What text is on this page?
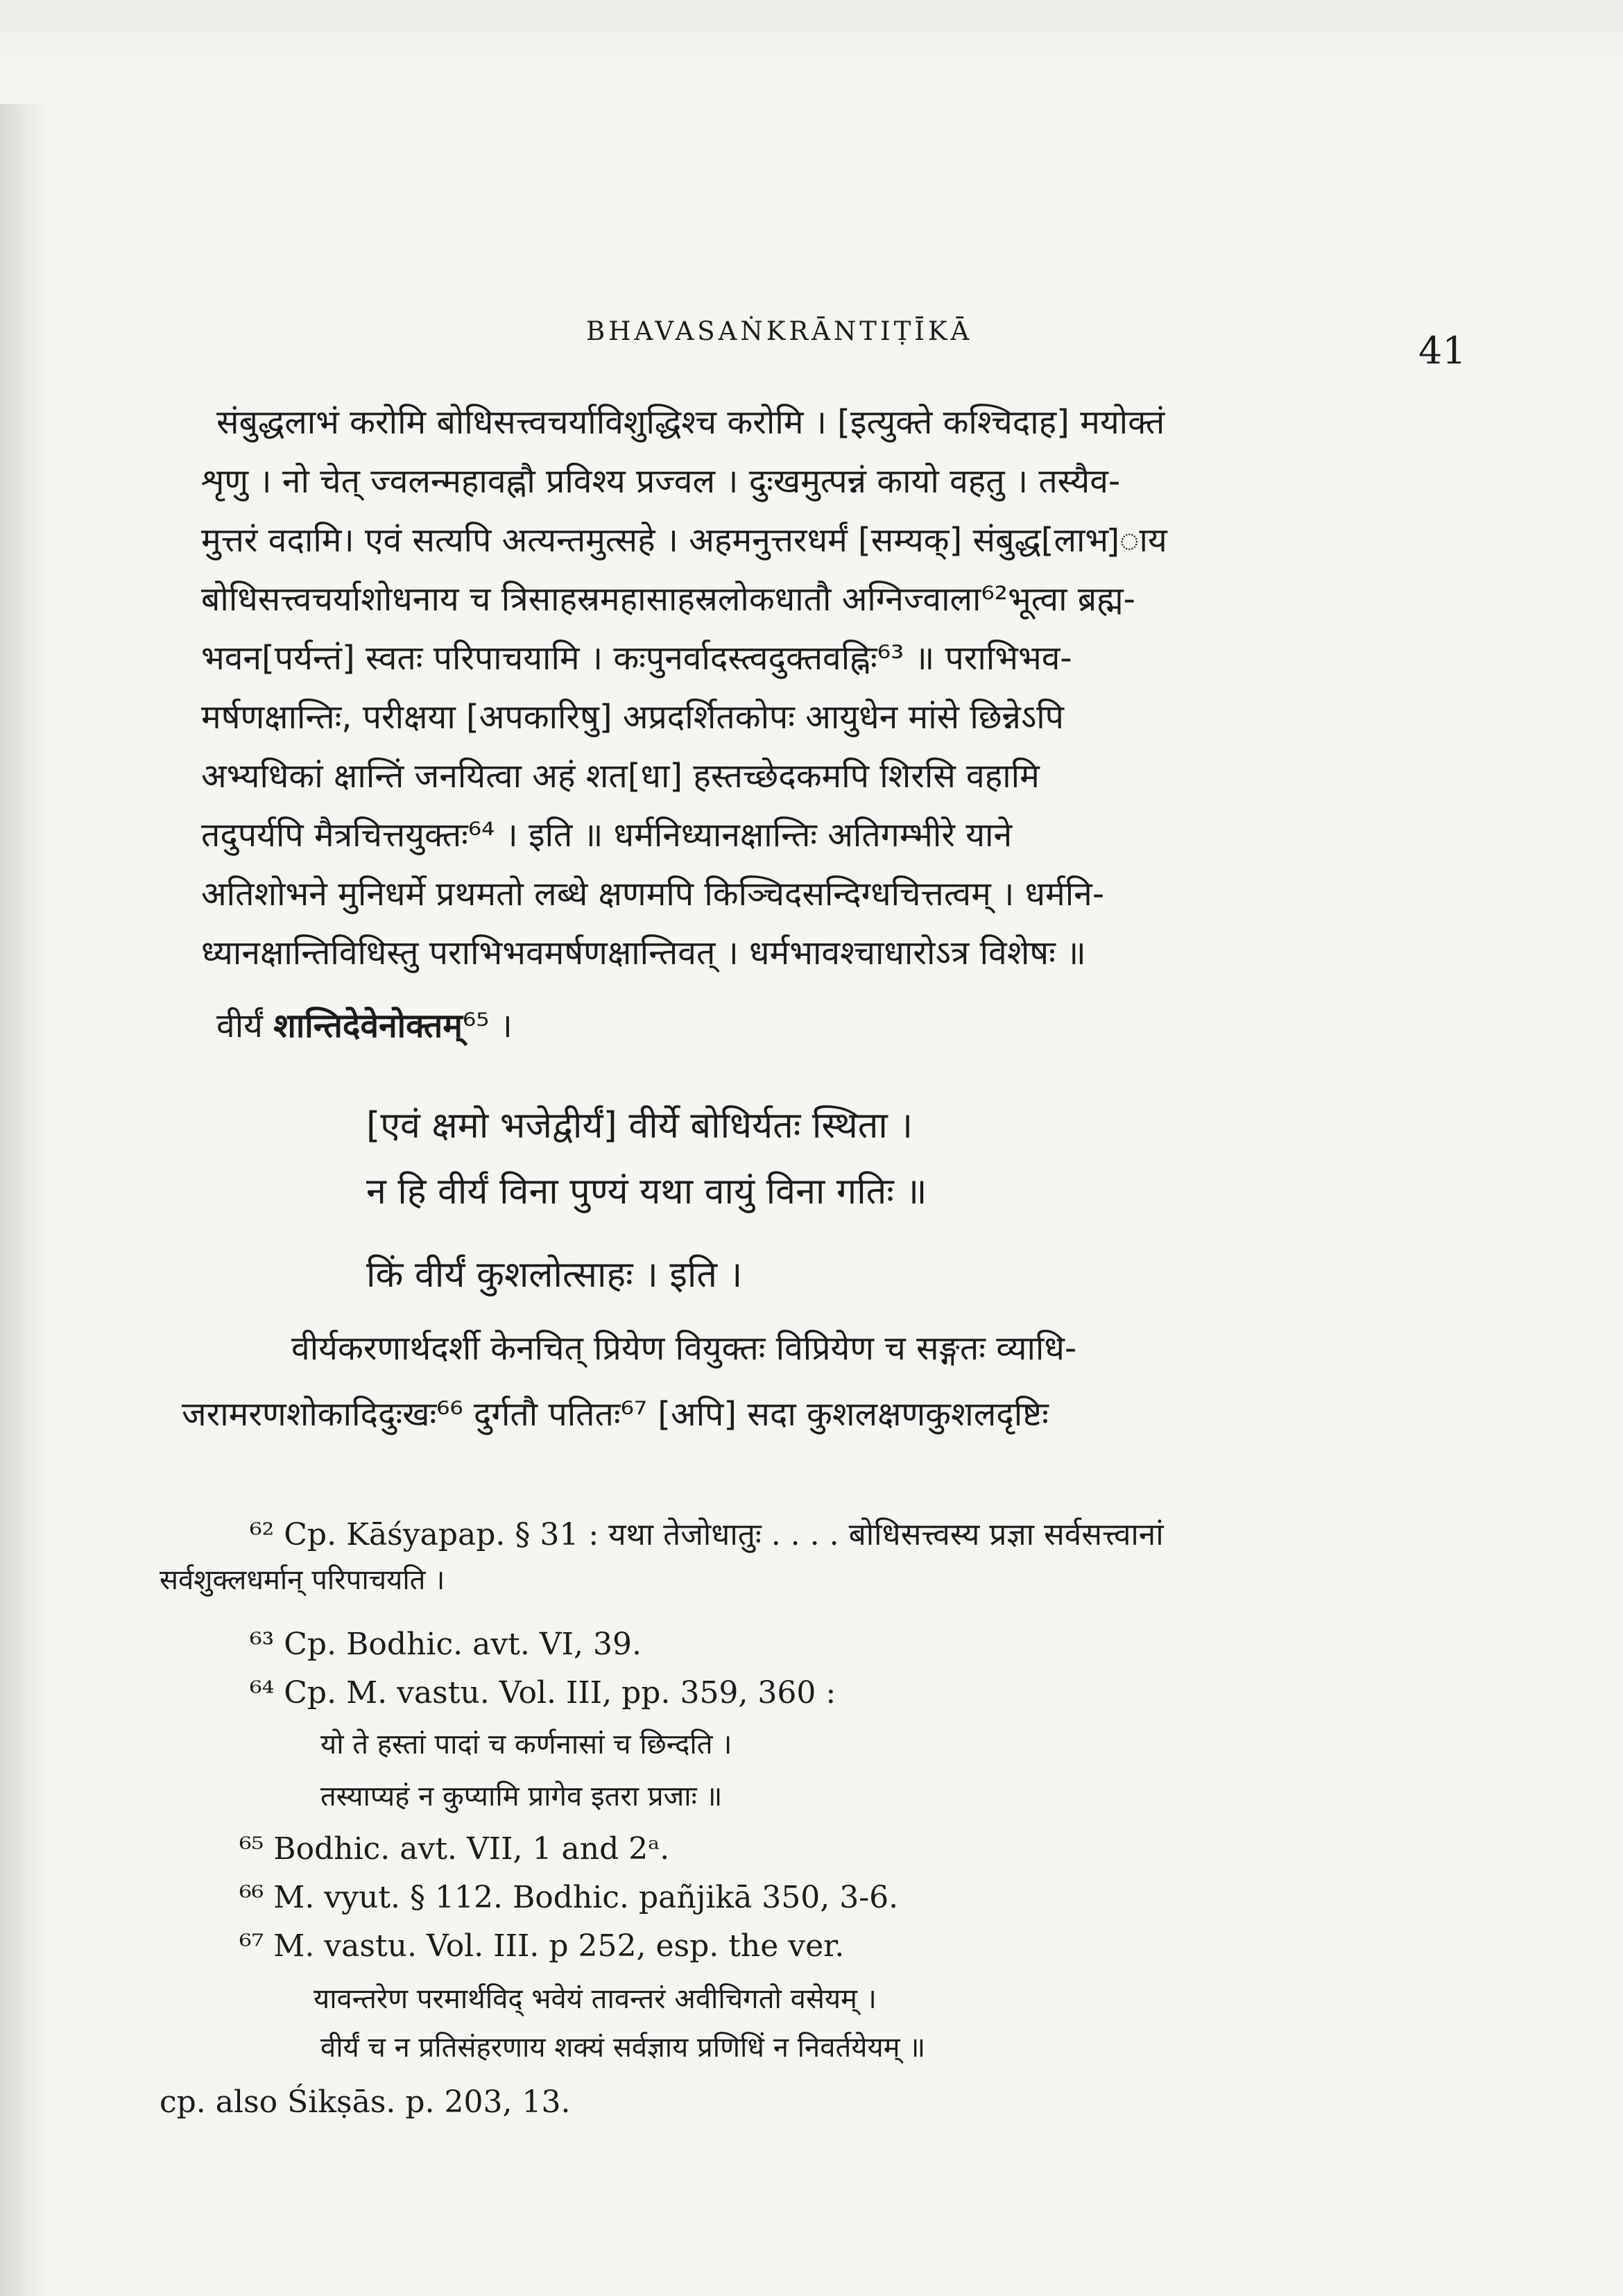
BHAVASAṄKRĀNTIṬĪKĀ	41
संबुद्धलाभं करोमि बोधिसत्त्वचर्याविशुद्धिश्च करोमि । [इत्युक्ते कश्चिदाह] मयोक्तं
शृणु । नो चेत् ज्वलन्महावह्नौ प्रविश्य प्रज्वल । दुःखमुत्पन्नं कायो वहतु । तस्यैव-
मुत्तरं वदामि। एवं सत्यपि अत्यन्तमुत्सहे । अहमनुत्तरधर्मं [सम्यक्] संबुद्ध[लाभ]ाय
बोधिसत्त्वचर्याशोधनाय च त्रिसाहस्रमहासाहस्रलोकधातौ अग्निज्वाला⁶²भूत्वा ब्रह्म-
भवन[पर्यन्तं] स्वतः परिपाचयामि । कःपुनर्वादस्त्वदुक्तवह्निः⁶³ ॥ पराभिभव-
मर्षणक्षान्तिः, परीक्षया [अपकारिषु] अप्रदर्शितकोपः आयुधेन मांसे छिन्नेऽपि
अभ्यधिकां क्षान्तिं जनयित्वा अहं शत[धा] हस्तच्छेदकमपि शिरसि वहामि
तदुपर्यपि मैत्रचित्तयुक्तः⁶⁴ । इति ॥ धर्मनिध्यानक्षान्तिः अतिगम्भीरे याने
अतिशोभने मुनिधर्मे प्रथमतो लब्धे क्षणमपि किञ्चिदसन्दिग्धचित्तत्वम् । धर्मनि-
ध्यानक्षान्तिविधिस्तु पराभिभवमर्षणक्षान्तिवत् । धर्मभावश्चाधारोऽत्र विशेषः ॥
वीर्यं शान्तिदेवेनोक्तम्⁶⁵ ।
[एवं क्षमो भजेद्वीर्यं] वीर्ये बोधिर्यतः स्थिता ।
न हि वीर्यं विना पुण्यं यथा वायुं विना गतिः ॥
किं वीर्यं कुशलोत्साहः । इति ।
वीर्यकरणार्थदर्शी केनचित् प्रियेण वियुक्तः विप्रियेण च सङ्गतः व्याधि-
जरामरणशोकादिदुःखः⁶⁶ दुर्गतौ पतितः⁶⁷ [अपि] सदा कुशलक्षणकुशलदृष्टिः
⁶² Cp. Kāśyapap. § 31 : यथा तेजोधातुः . . . . बोधिसत्त्वस्य प्रज्ञा सर्वसत्त्वानां
सर्वशुक्लधर्मान् परिपाचयति ।
⁶³ Cp. Bodhic. avt. VI, 39.
⁶⁴ Cp. M. vastu. Vol. III, pp. 359, 360 :
यो ते हस्तां पादां च कर्णनासां च छिन्दति ।
तस्याप्यहं न कुप्यामि प्रागेव इतरा प्रजाः ॥
⁶⁵ Bodhic. avt. VII, 1 and 2ᵃ.
⁶⁶ M. vyut. § 112. Bodhic. pañjikā 350, 3-6.
⁶⁷ M. vastu. Vol. III. p 252, esp. the ver.
यावन्तरेण परमार्थविद् भवेयं तावन्तरं अवीचिगतो वसेयम् ।
वीर्यं च न प्रतिसंहरणाय शक्यं सर्वज्ञाय प्रणिधिं न निवर्तयेयम् ॥
cp. also Śikṣās. p. 203, 13.
